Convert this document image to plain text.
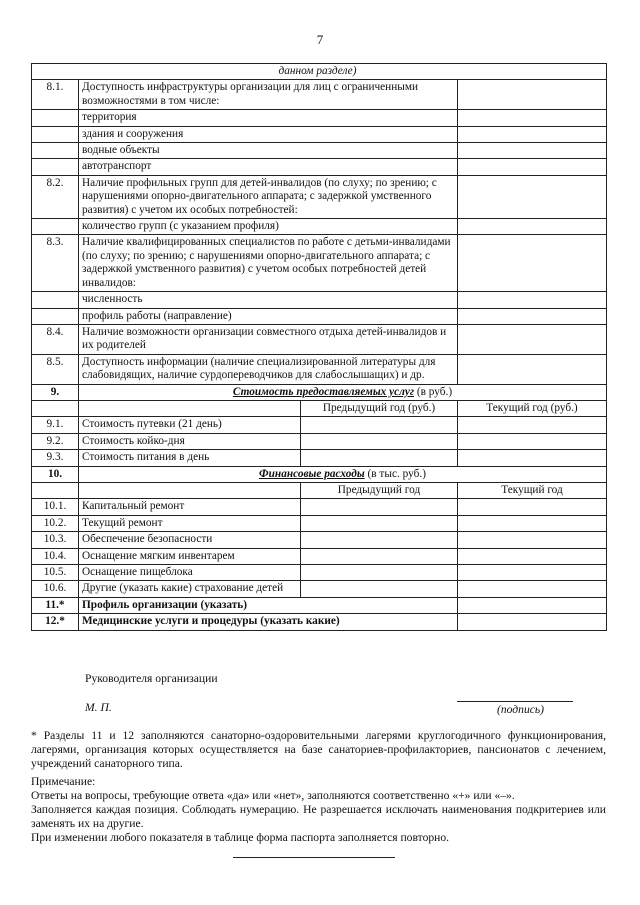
7
данном разделе)			
8.1.	Доступность инфраструктуры организации для лиц с ограниченными возможностями в том числе:		
	территория		
	здания и сооружения		
	водные объекты		
	автотранспорт		
8.2.	Наличие профильных групп для детей-инвалидов (по слуху; по зрению; с нарушениями опорно-двигательного аппарата; с задержкой умственного развития) с учетом их особых потребностей:		
	количество групп (с указанием профиля)		
8.3.	Наличие квалифицированных специалистов по работе с детьми-инвалидами (по слуху; по зрению; с нарушениями опорно-двигательного аппарата; с задержкой умственного развития) с учетом особых потребностей детей инвалидов:		
	численность		
	профиль работы (направление)		
8.4.	Наличие возможности организации совместного отдыха детей-инвалидов и их родителей		
8.5.	Доступность информации (наличие специализированной литературы для слабовидящих, наличие сурдопереводчиков для слабослышащих) и др.		
9.	Стоимость предоставляемых услуг (в руб.)		
		Предыдущий год (руб.)	Текущий год (руб.)
9.1.	Стоимость путевки (21 день)		
9.2.	Стоимость койко-дня		
9.3.	Стоимость питания в день		
10.	Финансовые расходы (в тыс. руб.)		
		Предыдущий год	Текущий год
10.1.	Капитальный ремонт		
10.2.	Текущий ремонт		
10.3.	Обеспечение безопасности		
10.4.	Оснащение мягким инвентарем		
10.5.	Оснащение пищеблока		
10.6.	Другие (указать какие) страхование детей		
11.*	Профиль организации (указать)		
12.*	Медицинские услуги и процедуры (указать какие)		
Руководителя организации
М. П.	(подпись)
* Разделы 11 и 12 заполняются санаторно-оздоровительными лагерями круглогодичного функционирования, лагерями, организация которых осуществляется на базе санаториев-профилакториев, пансионатов с лечением, учреждений санаторного типа.
Примечание:
Ответы на вопросы, требующие ответа «да» или «нет», заполняются соответственно «+» или «–».
Заполняется каждая позиция. Соблюдать нумерацию. Не разрешается исключать наименования подкритериев или заменять их на другие.
При изменении любого показателя в таблице форма паспорта заполняется повторно.
